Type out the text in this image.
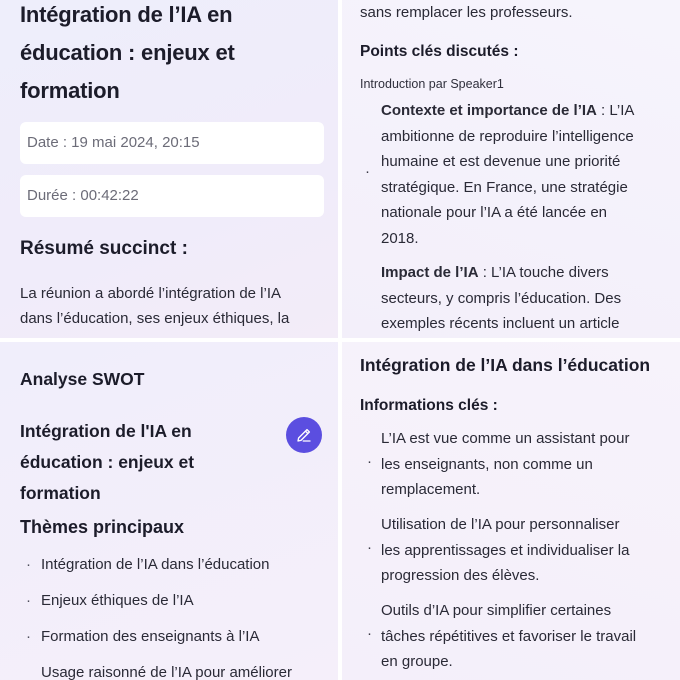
Intégration de l’IA en
éducation : enjeux et
formation
Date : 19 mai 2024, 20:15
Durée : 00:42:22
Résumé succinct :
La réunion a abordé l’intégration de l’IA
dans l’éducation, ses enjeux éthiques, la
sans remplacer les professeurs.
Points clés discutés :
Introduction par Speaker1
·
Contexte et importance de l’IA : L’IA
ambitionne de reproduire l’intelligence
humaine et est devenue une priorité
stratégique. En France, une stratégie
nationale pour l’IA a été lancée en
2018.
Impact de l’IA : L’IA touche divers
secteurs, y compris l’éducation. Des
exemples récents incluent un article
Analyse SWOT
Intégration de l'IA en
éducation : enjeux et
formation
Thèmes principaux
· Intégration de l’IA dans l’éducation
· Enjeux éthiques de l’IA
· Formation des enseignants à l’IA
Usage raisonné de l’IA pour améliorer
Intégration de l’IA dans l’éducation
Informations clés :
·
L’IA est vue comme un assistant pour
les enseignants, non comme un
remplacement.
·
Utilisation de l’IA pour personnaliser
les apprentissages et individualiser la
progression des élèves.
·
Outils d’IA pour simplifier certaines
tâches répétitives et favoriser le travail
en groupe.
